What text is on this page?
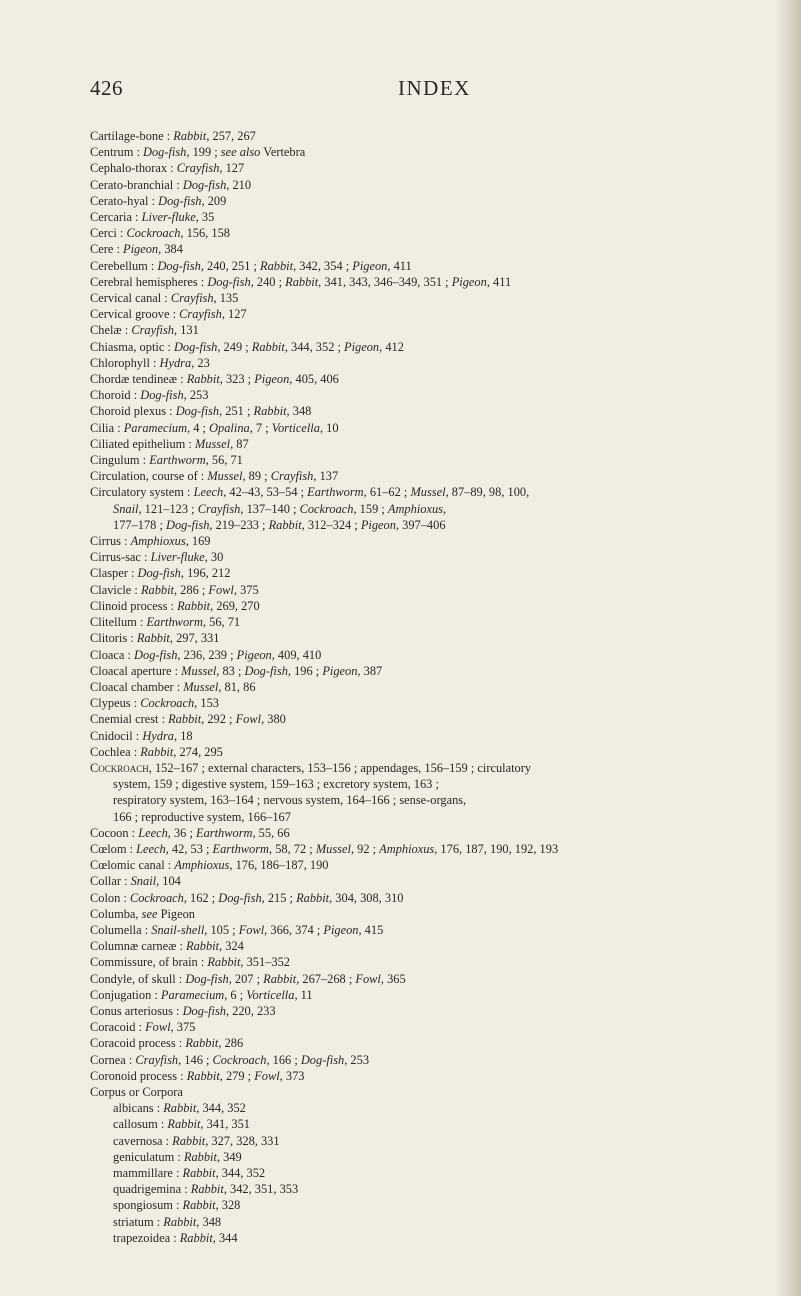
426	INDEX
Cartilage-bone : Rabbit, 257, 267
Centrum : Dog-fish, 199 ; see also Vertebra
Cephalo-thorax : Crayfish, 127
Cerato-branchial : Dog-fish, 210
Cerato-hyal : Dog-fish, 209
Cercaria : Liver-fluke, 35
Cerci : Cockroach, 156, 158
Cere : Pigeon, 384
Cerebellum : Dog-fish, 240, 251 ; Rabbit, 342, 354 ; Pigeon, 411
Cerebral hemispheres : Dog-fish, 240 ; Rabbit, 341, 343, 346–349, 351 ; Pigeon, 411
Cervical canal : Crayfish, 135
Cervical groove : Crayfish, 127
Chelæ : Crayfish, 131
Chiasma, optic : Dog-fish, 249 ; Rabbit, 344, 352 ; Pigeon, 412
Chlorophyll : Hydra, 23
Chordæ tendineæ : Rabbit, 323 ; Pigeon, 405, 406
Choroid : Dog-fish, 253
Choroid plexus : Dog-fish, 251 ; Rabbit, 348
Cilia : Paramecium, 4 ; Opalina, 7 ; Vorticella, 10
Ciliated epithelium : Mussel, 87
Cingulum : Earthworm, 56, 71
Circulation, course of : Mussel, 89 ; Crayfish, 137
Circulatory system : Leech, 42–43, 53–54 ; Earthworm, 61–62 ; Mussel, 87–89, 98, 100,
Snail, 121–123 ; Crayfish, 137–140 ; Cockroach, 159 ; Amphioxus,
177–178 ; Dog-fish, 219–233 ; Rabbit, 312–324 ; Pigeon, 397–406
Cirrus : Amphioxus, 169
Cirrus-sac : Liver-fluke, 30
Clasper : Dog-fish, 196, 212
Clavicle : Rabbit, 286 ; Fowl, 375
Clinoid process : Rabbit, 269, 270
Clitellum : Earthworm, 56, 71
Clitoris : Rabbit, 297, 331
Cloaca : Dog-fish, 236, 239 ; Pigeon, 409, 410
Cloacal aperture : Mussel, 83 ; Dog-fish, 196 ; Pigeon, 387
Cloacal chamber : Mussel, 81, 86
Clypeus : Cockroach, 153
Cnemial crest : Rabbit, 292 ; Fowl, 380
Cnidocil : Hydra, 18
Cochlea : Rabbit, 274, 295
Cockroach, 152–167 ; external characters, 153–156 ; appendages, 156–159 ; circulatory
system, 159 ; digestive system, 159–163 ; excretory system, 163 ;
respiratory system, 163–164 ; nervous system, 164–166 ; sense-organs,
166 ; reproductive system, 166–167
Cocoon : Leech, 36 ; Earthworm, 55, 66
Cœlom : Leech, 42, 53 ; Earthworm, 58, 72 ; Mussel, 92 ; Amphioxus, 176, 187, 190, 192, 193
Cœlomic canal : Amphioxus, 176, 186–187, 190
Collar : Snail, 104
Colon : Cockroach, 162 ; Dog-fish, 215 ; Rabbit, 304, 308, 310
Columba, see Pigeon
Columella : Snail-shell, 105 ; Fowl, 366, 374 ; Pigeon, 415
Columnæ carneæ : Rabbit, 324
Commissure, of brain : Rabbit, 351–352
Condyle, of skull : Dog-fish, 207 ; Rabbit, 267–268 ; Fowl, 365
Conjugation : Paramecium, 6 ; Vorticella, 11
Conus arteriosus : Dog-fish, 220, 233
Coracoid : Fowl, 375
Coracoid process : Rabbit, 286
Cornea : Crayfish, 146 ; Cockroach, 166 ; Dog-fish, 253
Coronoid process : Rabbit, 279 ; Fowl, 373
Corpus or Corpora
albicans : Rabbit, 344, 352
callosum : Rabbit, 341, 351
cavernosa : Rabbit, 327, 328, 331
geniculatum : Rabbit, 349
mammillare : Rabbit, 344, 352
quadrigemina : Rabbit, 342, 351, 353
spongiosum : Rabbit, 328
striatum : Rabbit, 348
trapezoidea : Rabbit, 344
